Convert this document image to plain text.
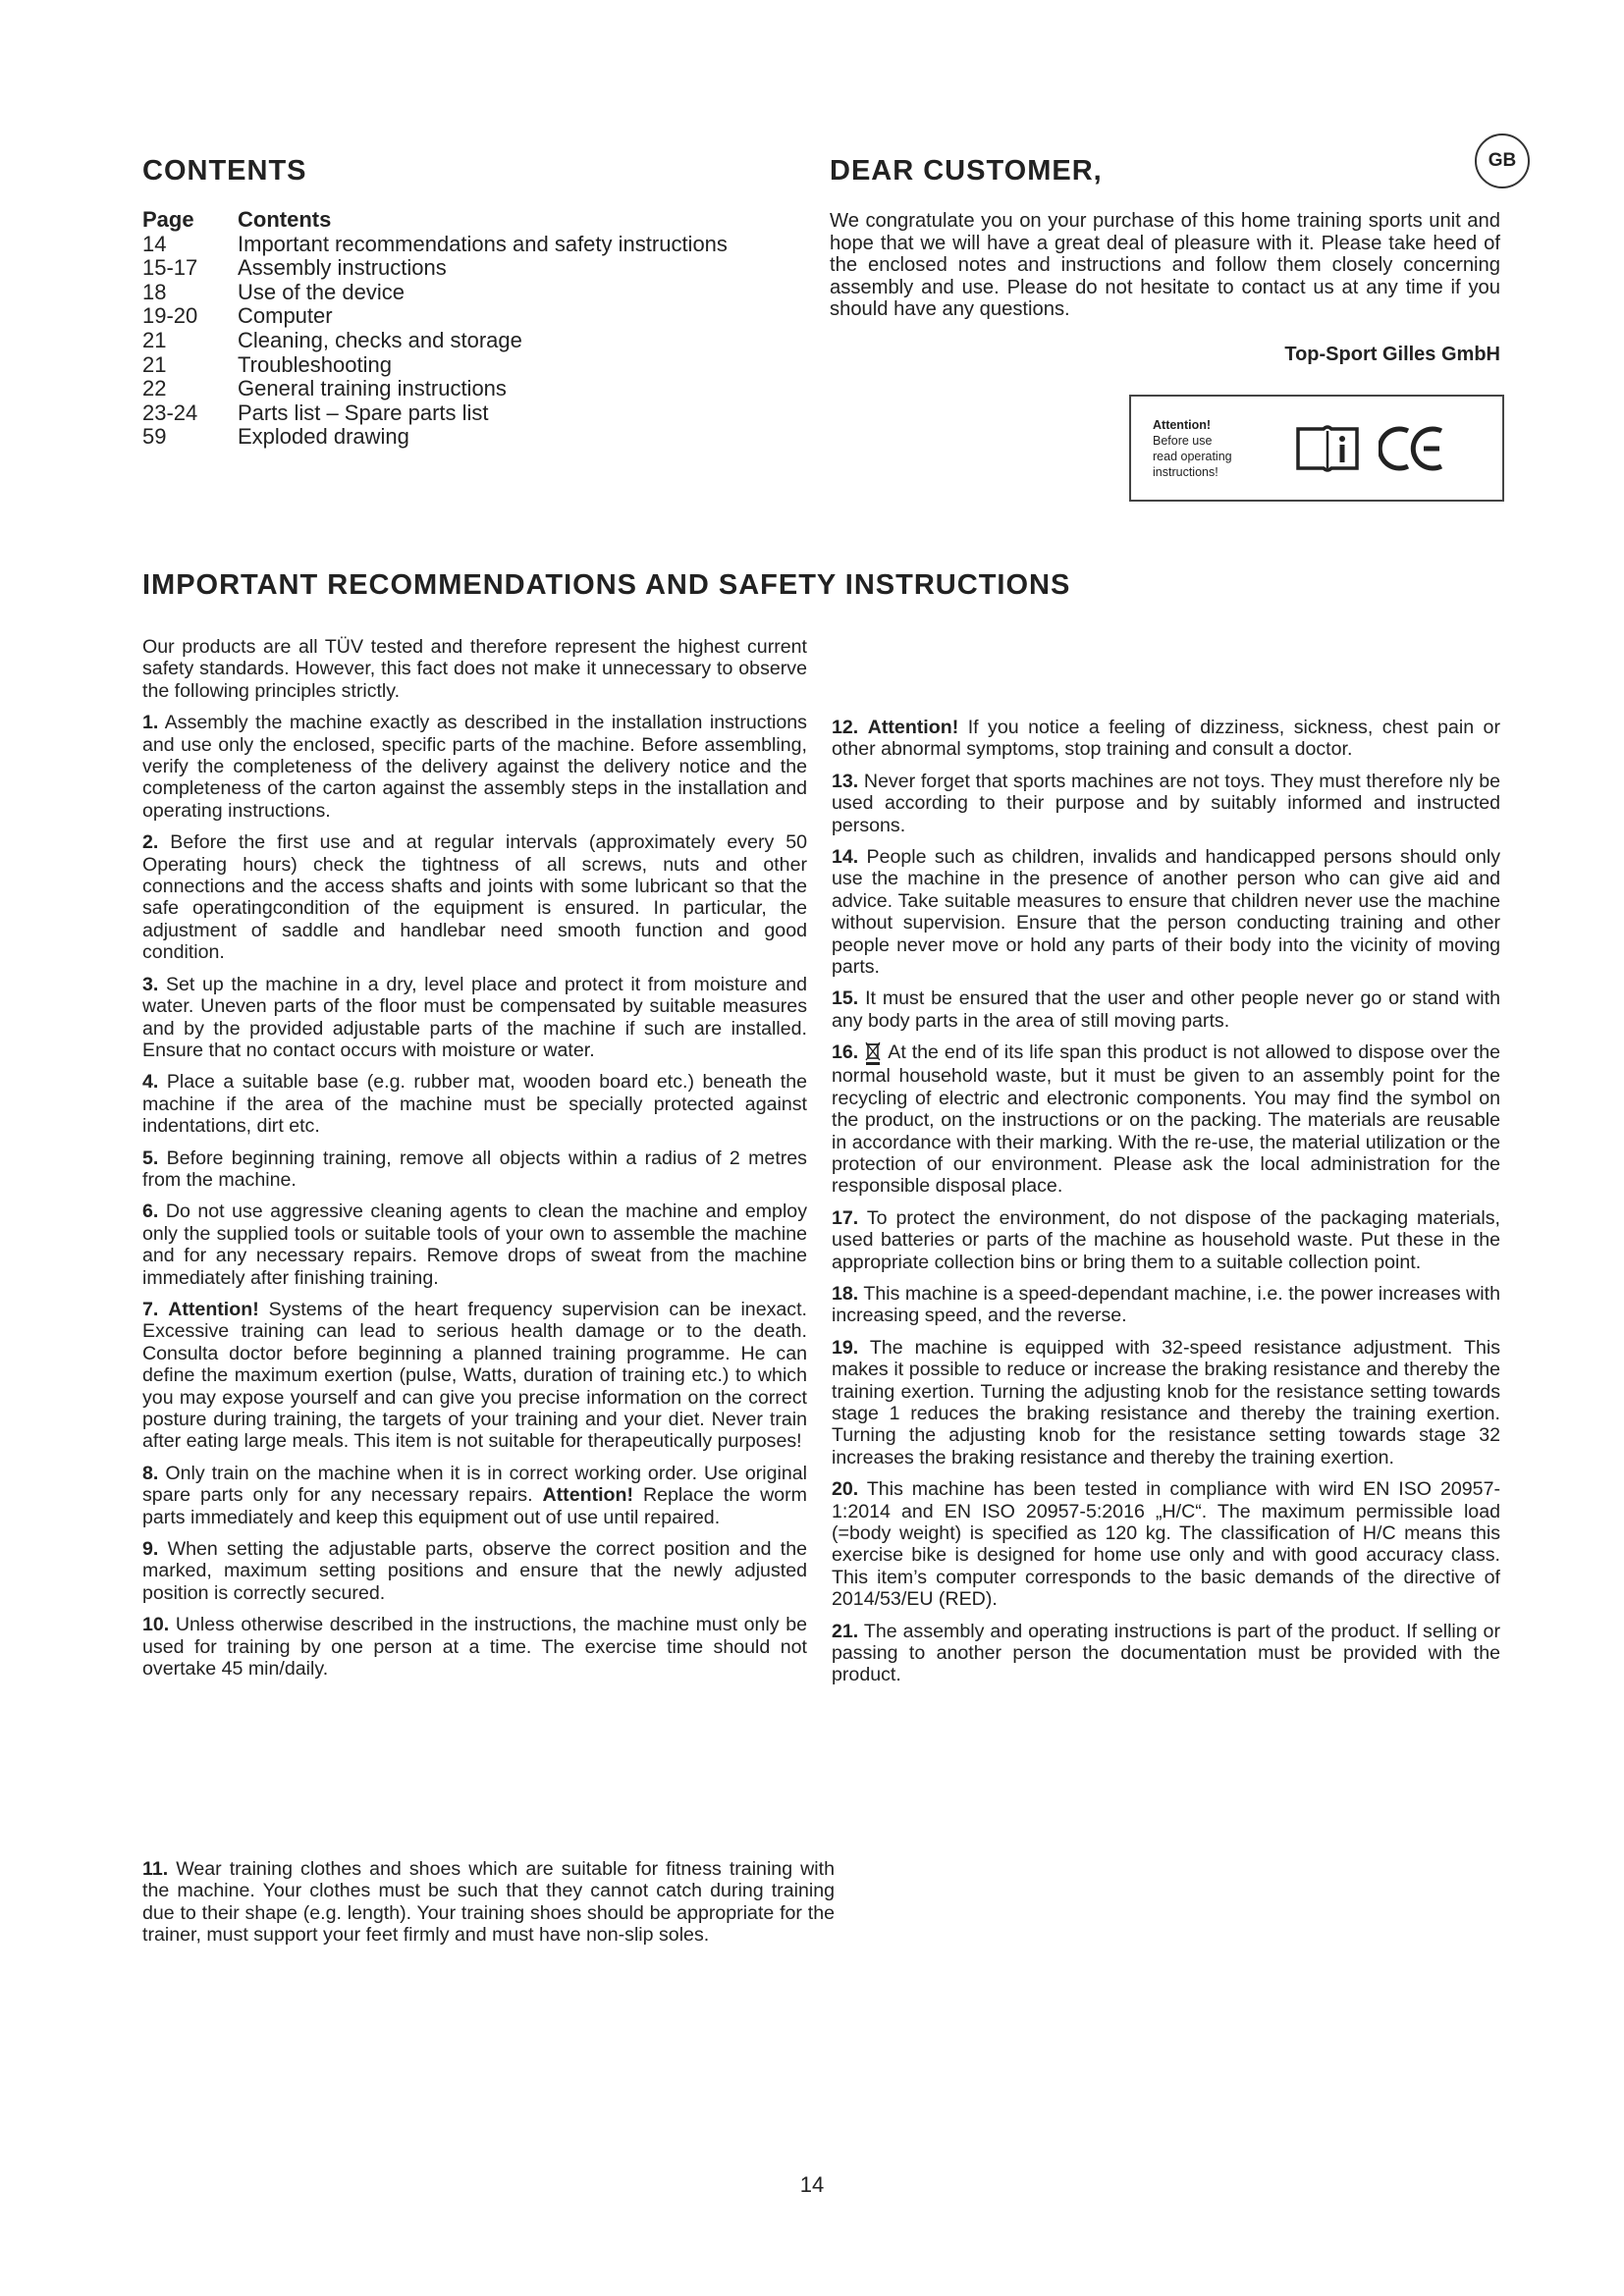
CONTENTS
Page	Contents
14	Important recommendations and safety instructions
15-17	Assembly instructions
18	Use of the device
19-20	Computer
21	Cleaning, checks and storage
21	Troubleshooting
22	General training instructions
23-24	Parts list – Spare parts list
59	Exploded drawing
DEAR CUSTOMER,	GB

We congratulate you on your purchase of this home training sports unit and hope that we will have a great deal of pleasure with it. Please take heed of the enclosed notes and instructions and follow them closely concerning assembly and use. Please do not hesitate to contact us at any time if you should have any questions.

Top-Sport Gilles GmbH
Attention!
Before use
read operating
instructions!
IMPORTANT RECOMMENDATIONS AND SAFETY INSTRUCTIONS

Our products are all TÜV tested and therefore represent the highest current safety standards. However, this fact does not make it unnecessary to observe the following principles strictly.

1. Assembly the machine exactly as described in the installation instructions and use only the enclosed, specific parts of the machine. Before assembling, verify the completeness of the delivery against the delivery notice and the completeness of the carton against the assembly steps in the installation and operating instructions.

2. Before the first use and at regular intervals (approximately every 50 Operating hours) check the tightness of all screws, nuts and other connections and the access shafts and joints with some lubricant so that the safe operatingcondition of the equipment is ensured. In particular, the adjustment of saddle and handlebar need smooth function and good condition.

3. Set up the machine in a dry, level place and protect it from moisture and water. Uneven parts of the floor must be compensated by suitable measures and by the provided adjustable parts of the machine if such are installed. Ensure that no contact occurs with moisture or water.

4. Place a suitable base (e.g. rubber mat, wooden board etc.) beneath the machine if the area of the machine must be specially protected against indentations, dirt etc.

5. Before beginning training, remove all objects within a radius of 2 metres from the machine.

6. Do not use aggressive cleaning agents to clean the machine and employ only the supplied tools or suitable tools of your own to assemble the machine and for any necessary repairs. Remove drops of sweat from the machine immediately after finishing training.

7. Attention! Systems of the heart frequency supervision can be inexact. Excessive training can lead to serious health damage or to the death. Consulta doctor before beginning a planned training programme. He can define the maximum exertion (pulse, Watts, duration of training etc.) to which you may expose yourself and can give you precise information on the correct posture during training, the targets of your training and your diet. Never train after eating large meals. This item is not suitable for therapeutically purposes!

8. Only train on the machine when it is in correct working order. Use original spare parts only for any necessary repairs. Attention! Replace the worm parts immediately and keep this equipment out of use until repaired.

9. When setting the adjustable parts, observe the correct position and the marked, maximum setting positions and ensure that the newly adjusted position is correctly secured.

10. Unless otherwise described in the instructions, the machine must only be used for training by one person at a time. The exercise time should not overtake 45 min/daily.

11. Wear training clothes and shoes which are suitable for fitness training with the machine. Your clothes must be such that they cannot catch during training due to their shape (e.g. length). Your training shoes should be appropriate for the trainer, must support your feet firmly and must have non-slip soles.

12. Attention! If you notice a feeling of dizziness, sickness, chest pain or other abnormal symptoms, stop training and consult a doctor.

13. Never forget that sports machines are not toys. They must therefore nly be used according to their purpose and by suitably informed and instructed persons.

14. People such as children, invalids and handicapped persons should only use the machine in the presence of another person who can give aid and advice. Take suitable measures to ensure that children never use the machine without supervision. Ensure that the person conducting training and other people never move or hold any parts of their body into the vicinity of moving parts.

15. It must be ensured that the user and other people never go or stand with any body parts in the area of still moving parts.

16. At the end of its life span this product is not allowed to dispose over the normal household waste, but it must be given to an assembly point for the recycling of electric and electronic components. You may find the symbol on the product, on the instructions or on the packing. The materials are reusable in accordance with their marking. With the re-use, the material utilization or the protection of our environment. Please ask the local administration for the responsible disposal place.

17. To protect the environment, do not dispose of the packaging materials, used batteries or parts of the machine as household waste. Put these in the appropriate collection bins or bring them to a suitable collection point.

18. This machine is a speed-dependant machine, i.e. the power increases with increasing speed, and the reverse.

19. The machine is equipped with 32-speed resistance adjustment. This makes it possible to reduce or increase the braking resistance and thereby the training exertion. Turning the adjusting knob for the resistance setting towards stage 1 reduces the braking resistance and thereby the training exertion. Turning the adjusting knob for the resistance setting towards stage 32 increases the braking resistance and thereby the training exertion.

20. This machine has been tested in compliance with wird EN ISO 20957-1:2014 and EN ISO 20957-5:2016 „H/C“. The maximum permissible load (=body weight) is specified as 120 kg. The classification of H/C means this exercise bike is designed for home use only and with good accuracy class. This item’s computer corresponds to the basic demands of the directive of 2014/53/EU (RED).

21. The assembly and operating instructions is part of the product. If selling or passing to another person the documentation must be provided with the product.

14
